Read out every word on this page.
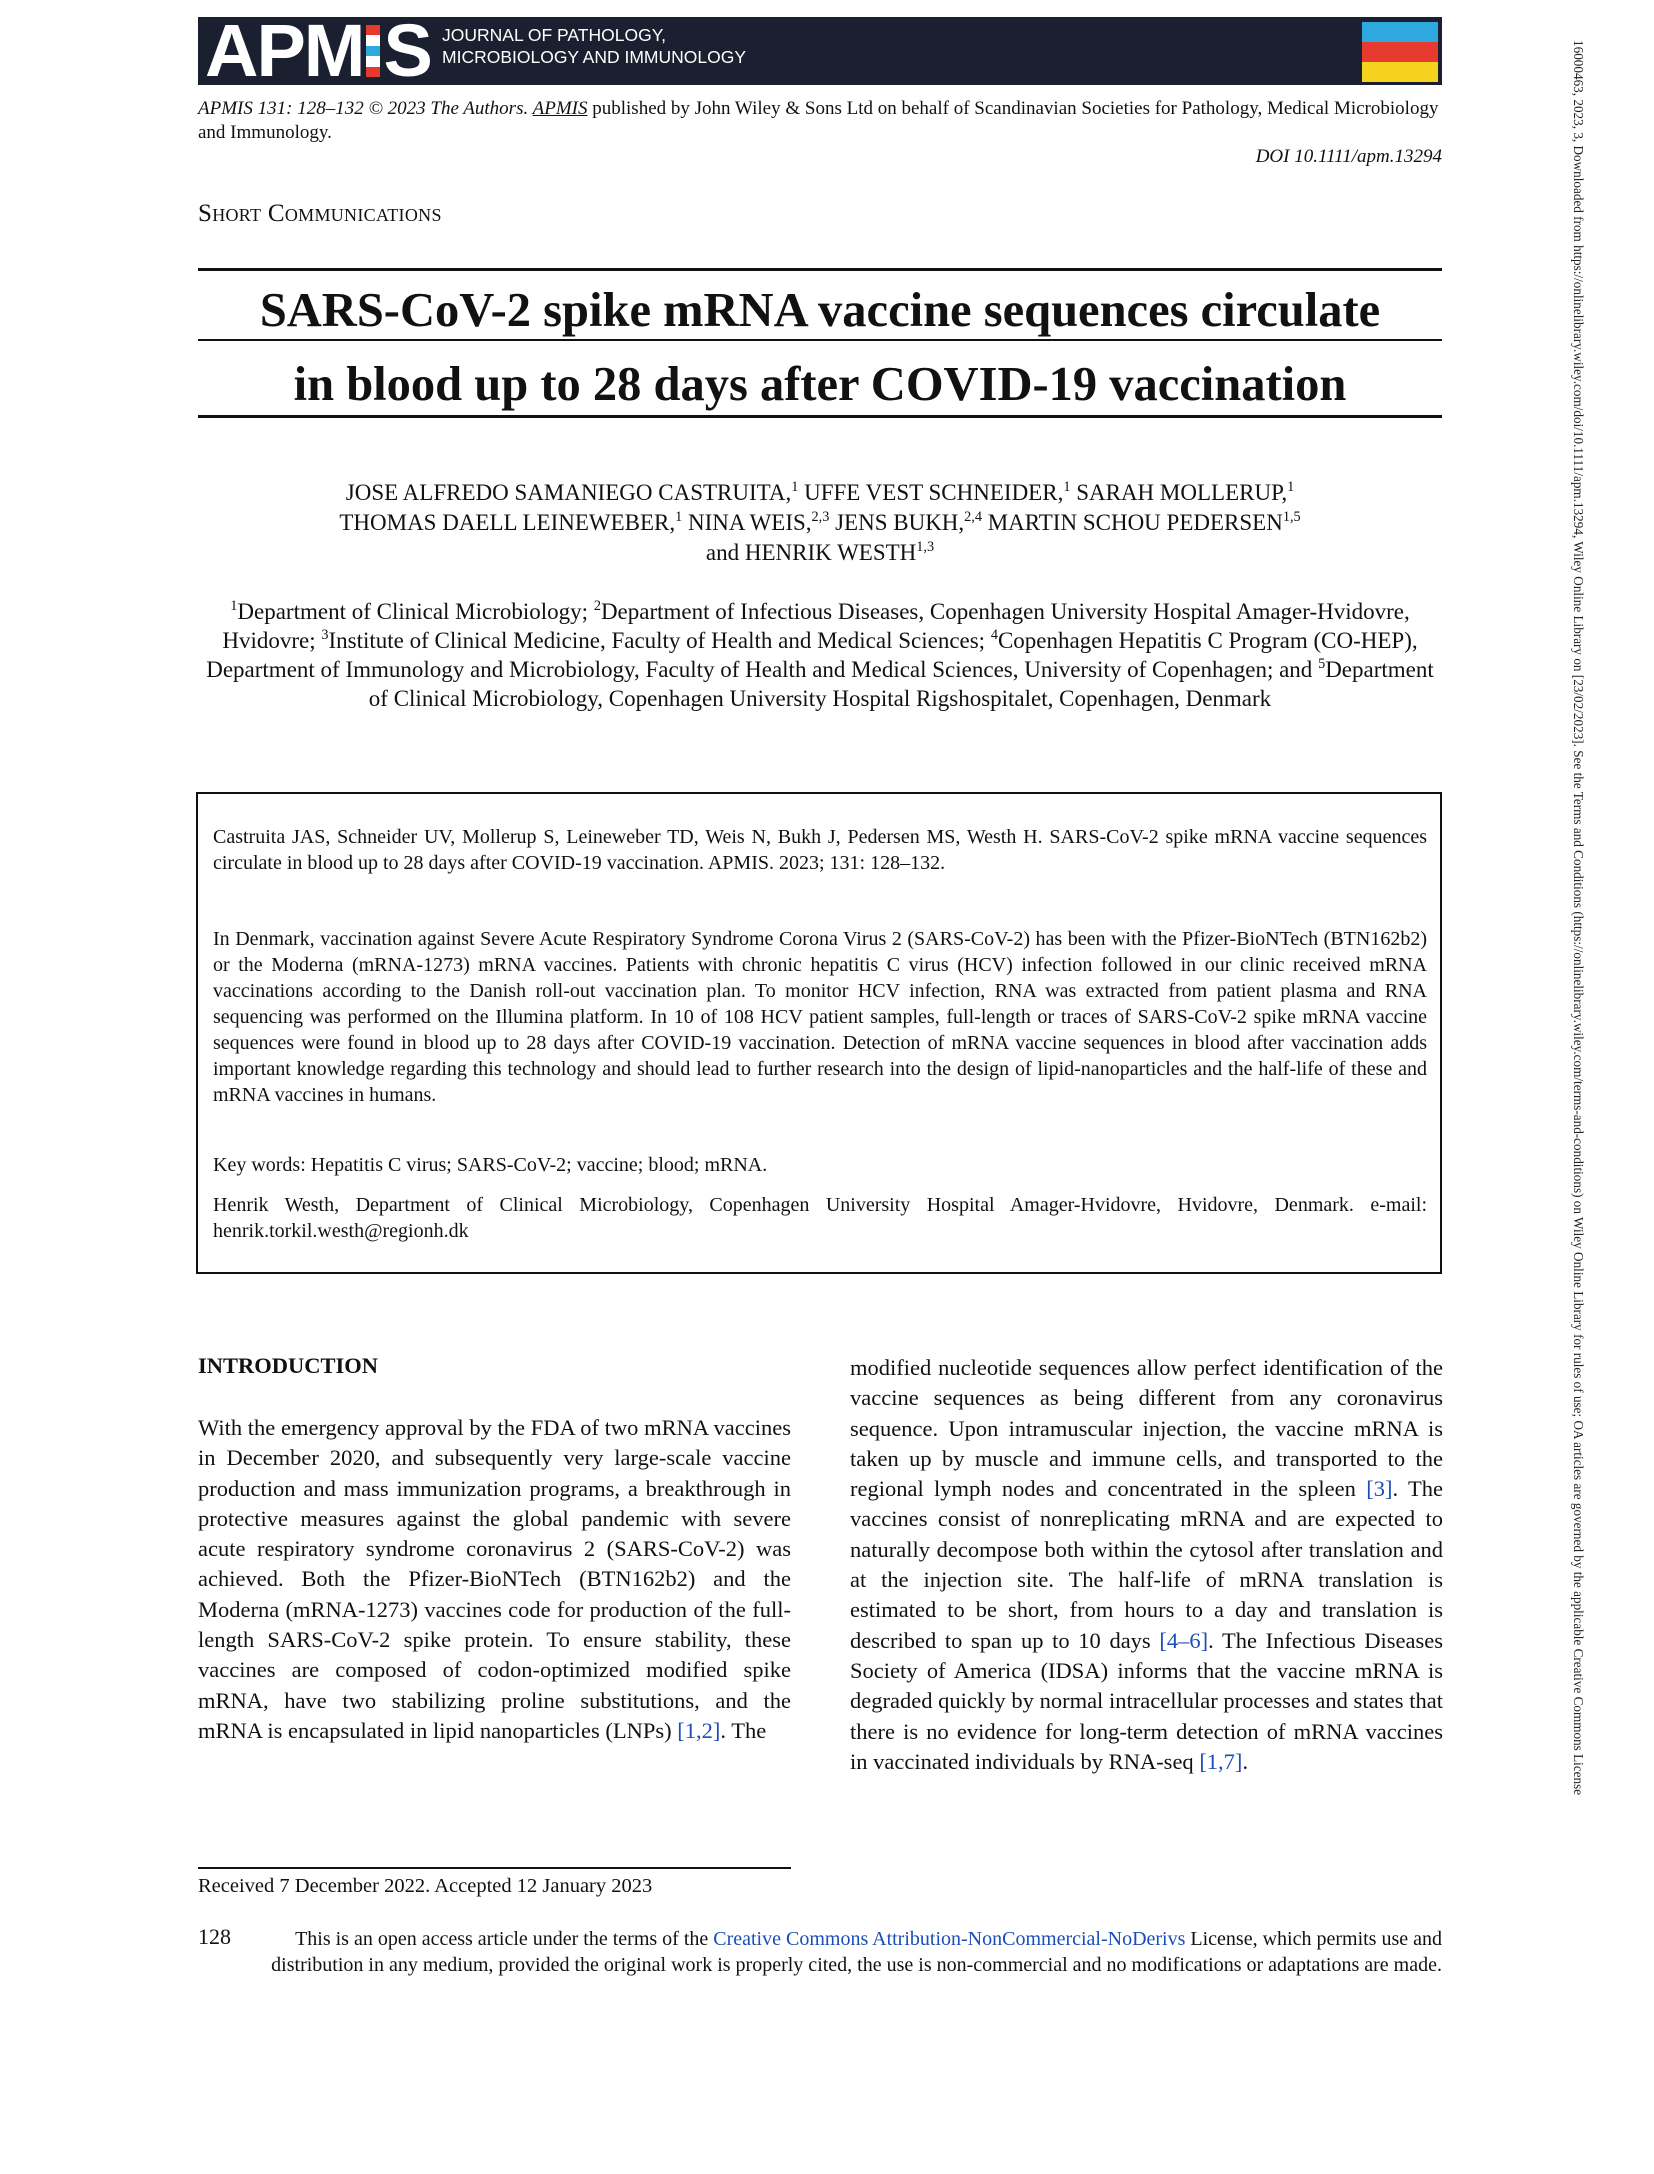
APM S JOURNAL OF PATHOLOGY,
MICROBIOLOGY AND IMMUNOLOGY
APMIS 131: 128–132 © 2023 The Authors. APMIS published by John Wiley & Sons Ltd on behalf of Scandinavian Societies for Pathology, Medical Microbiology and Immunology.
DOI 10.1111/apm.13294
Short Communications
SARS-CoV-2 spike mRNA vaccine sequences circulate
in blood up to 28 days after COVID-19 vaccination
JOSE ALFREDO SAMANIEGO CASTRUITA,$^1$ UFFE VEST SCHNEIDER,$^1$ SARAH MOLLERUP,$^1$
THOMAS DAELL LEINEWEBER,$^1$ NINA WEIS,$^{2,3}$ JENS BUKH,$^{2,4}$ MARTIN SCHOU PEDERSEN$^{1,5}$
and HENRIK WESTH$^{1,3}$
$^1$Department of Clinical Microbiology; $^2$Department of Infectious Diseases, Copenhagen University Hospital Amager-Hvidovre, Hvidovre; $^3$Institute of Clinical Medicine, Faculty of Health and Medical Sciences; $^4$Copenhagen Hepatitis C Program (CO-HEP), Department of Immunology and Microbiology, Faculty of Health and Medical Sciences, University of Copenhagen; and $^5$Department of Clinical Microbiology, Copenhagen University Hospital Rigshospitalet, Copenhagen, Denmark
Castruita JAS, Schneider UV, Mollerup S, Leineweber TD, Weis N, Bukh J, Pedersen MS, Westh H. SARS-CoV-2 spike mRNA vaccine sequences circulate in blood up to 28 days after COVID-19 vaccination. APMIS. 2023; 131: 128–132.
In Denmark, vaccination against Severe Acute Respiratory Syndrome Corona Virus 2 (SARS-CoV-2) has been with the Pfizer-BioNTech (BTN162b2) or the Moderna (mRNA-1273) mRNA vaccines. Patients with chronic hepatitis C virus (HCV) infection followed in our clinic received mRNA vaccinations according to the Danish roll-out vaccination plan. To monitor HCV infection, RNA was extracted from patient plasma and RNA sequencing was performed on the Illumina platform. In 10 of 108 HCV patient samples, full-length or traces of SARS-CoV-2 spike mRNA vaccine sequences were found in blood up to 28 days after COVID-19 vaccination. Detection of mRNA vaccine sequences in blood after vaccination adds important knowledge regarding this technology and should lead to further research into the design of lipid-nanoparticles and the half-life of these and mRNA vaccines in humans.
Key words: Hepatitis C virus; SARS-CoV-2; vaccine; blood; mRNA.
Henrik Westh, Department of Clinical Microbiology, Copenhagen University Hospital Amager-Hvidovre, Hvidovre, Denmark. e-mail: henrik.torkil.westh@regionh.dk
INTRODUCTION
With the emergency approval by the FDA of two mRNA vaccines in December 2020, and subsequently very large-scale vaccine production and mass immunization programs, a breakthrough in protective measures against the global pandemic with severe acute respiratory syndrome coronavirus 2 (SARS-CoV-2) was achieved. Both the Pfizer-BioNTech (BTN162b2) and the Moderna (mRNA-1273) vaccines code for production of the full-length SARS-CoV-2 spike protein. To ensure stability, these vaccines are composed of codon-optimized modified spike mRNA, have two stabilizing proline substitutions, and the mRNA is encapsulated in lipid nanoparticles (LNPs) [1,2]. The
modified nucleotide sequences allow perfect identification of the vaccine sequences as being different from any coronavirus sequence. Upon intramuscular injection, the vaccine mRNA is taken up by muscle and immune cells, and transported to the regional lymph nodes and concentrated in the spleen [3]. The vaccines consist of nonreplicating mRNA and are expected to naturally decompose both within the cytosol after translation and at the injection site. The half-life of mRNA translation is estimated to be short, from hours to a day and translation is described to span up to 10 days [4–6]. The Infectious Diseases Society of America (IDSA) informs that the vaccine mRNA is degraded quickly by normal intracellular processes and states that there is no evidence for long-term detection of mRNA vaccines in vaccinated individuals by RNA-seq [1,7].
Received 7 December 2022. Accepted 12 January 2023
128	This is an open access article under the terms of the Creative Commons Attribution-NonCommercial-NoDerivs License, which permits use and distribution in any medium, provided the original work is properly cited, the use is non-commercial and no modifications or adaptations are made.
16000463, 2023, 3, Downloaded from https://onlinelibrary.wiley.com/doi/10.1111/apm.13294, Wiley Online Library on [23/02/2023]. See the Terms and Conditions (https://onlinelibrary.wiley.com/terms-and-conditions) on Wiley Online Library for rules of use; OA articles are governed by the applicable Creative Commons License
